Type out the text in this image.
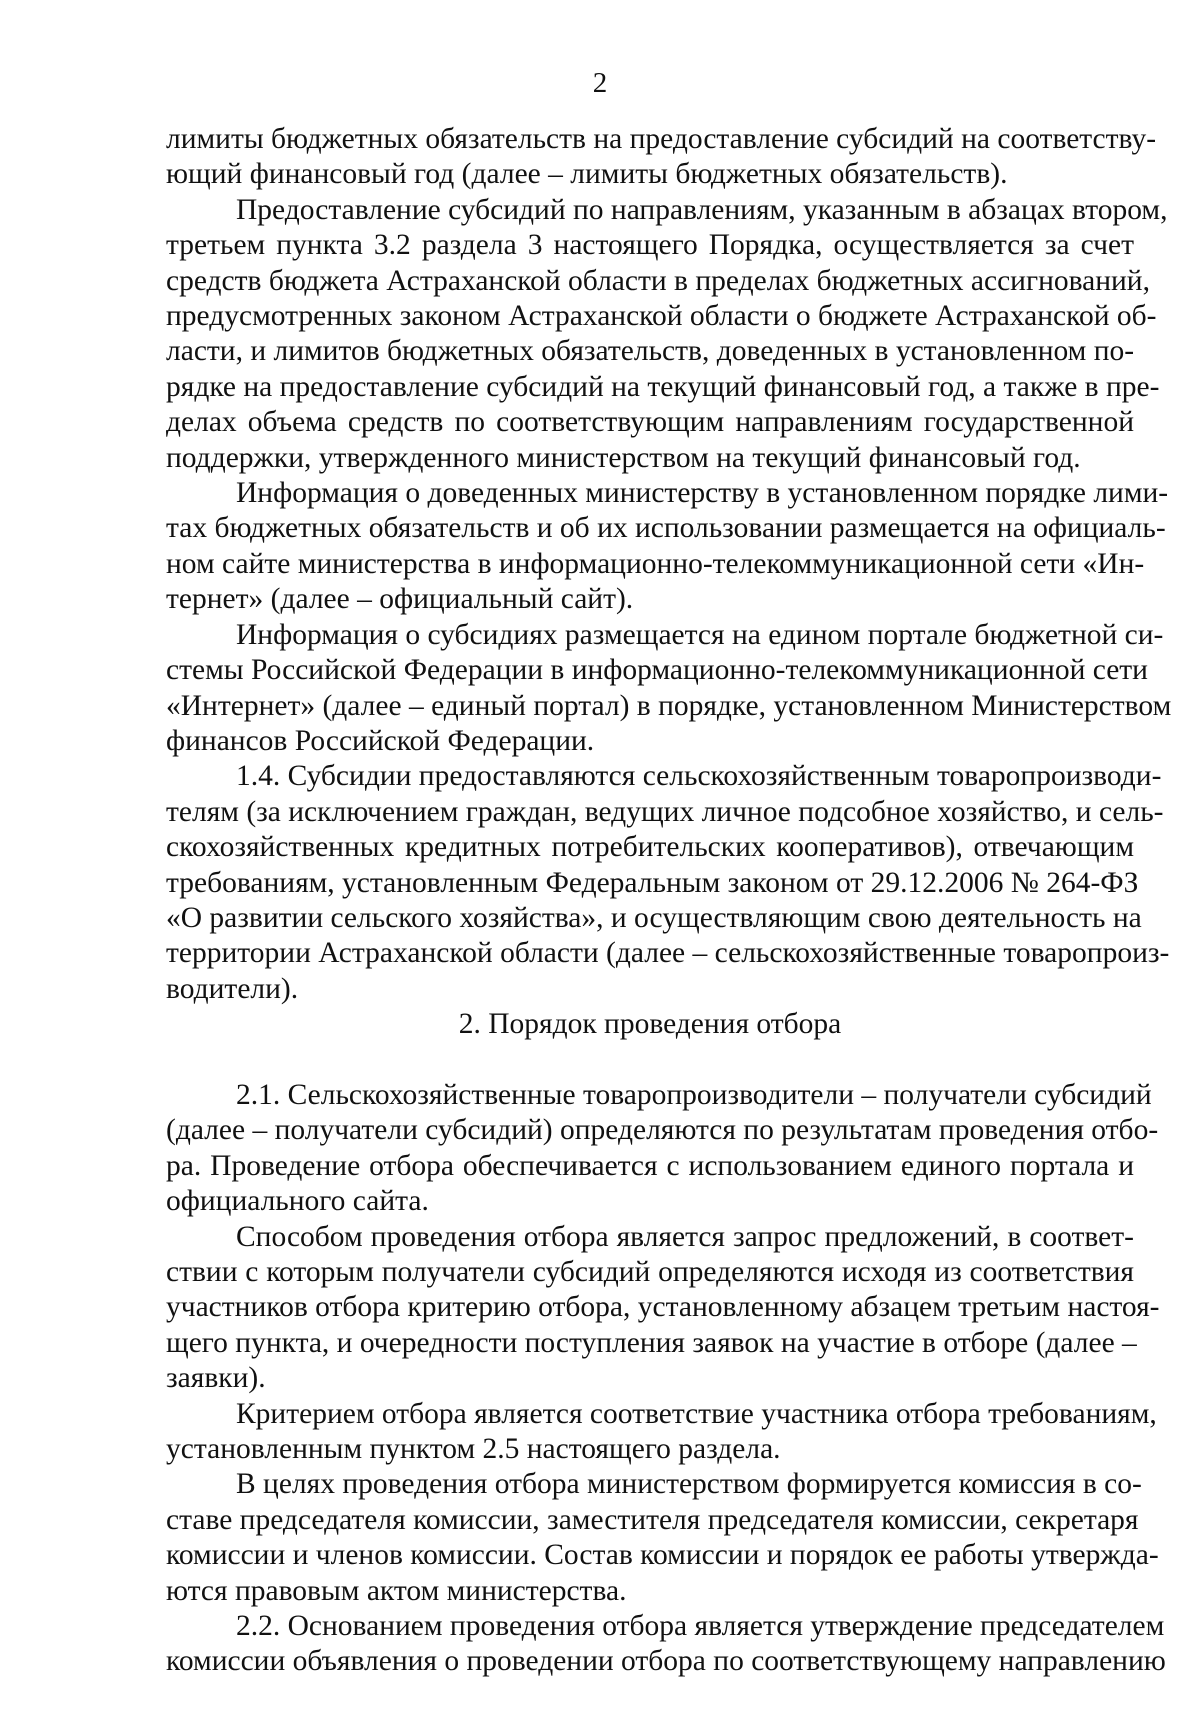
2

лимиты бюджетных обязательств на предоставление субсидий на соответству-
ющий финансовый год (далее – лимиты бюджетных обязательств).

Предоставление субсидий по направлениям, указанным в абзацах втором,
третьем пункта 3.2 раздела 3 настоящего Порядка, осуществляется за счет
средств бюджета Астраханской области в пределах бюджетных ассигнований,
предусмотренных законом Астраханской области о бюджете Астраханской об-
ласти, и лимитов бюджетных обязательств, доведенных в установленном по-
рядке на предоставление субсидий на текущий финансовый год, а также в пре-
делах объема средств по соответствующим направлениям государственной
поддержки, утвержденного министерством на текущий финансовый год.

Информация о доведенных министерству в установленном порядке лими-
тах бюджетных обязательств и об их использовании размещается на официаль-
ном сайте министерства в информационно-телекоммуникационной сети «Ин-
тернет» (далее – официальный сайт).

Информация о субсидиях размещается на едином портале бюджетной си-
стемы Российской Федерации в информационно-телекоммуникационной сети
«Интернет» (далее – единый портал) в порядке, установленном Министерством
финансов Российской Федерации.

1.4. Субсидии предоставляются сельскохозяйственным товаропроизводи-
телям (за исключением граждан, ведущих личное подсобное хозяйство, и сель-
скохозяйственных кредитных потребительских кооперативов), отвечающим
требованиям, установленным Федеральным законом от 29.12.2006 № 264-ФЗ
«О развитии сельского хозяйства», и осуществляющим свою деятельность на
территории Астраханской области (далее – сельскохозяйственные товаропроиз-
водители).

2. Порядок проведения отбора

2.1. Сельскохозяйственные товаропроизводители – получатели субсидий
(далее – получатели субсидий) определяются по результатам проведения отбо-
ра. Проведение отбора обеспечивается с использованием единого портала и
официального сайта.

Способом проведения отбора является запрос предложений, в соответ-
ствии с которым получатели субсидий определяются исходя из соответствия
участников отбора критерию отбора, установленному абзацем третьим настоя-
щего пункта, и очередности поступления заявок на участие в отборе (далее –
заявки).

Критерием отбора является соответствие участника отбора требованиям,
установленным пунктом 2.5 настоящего раздела.

В целях проведения отбора министерством формируется комиссия в со-
ставе председателя комиссии, заместителя председателя комиссии, секретаря
комиссии и членов комиссии. Состав комиссии и порядок ее работы утвержда-
ются правовым актом министерства.

2.2. Основанием проведения отбора является утверждение председателем
комиссии объявления о проведении отбора по соответствующему направлению
